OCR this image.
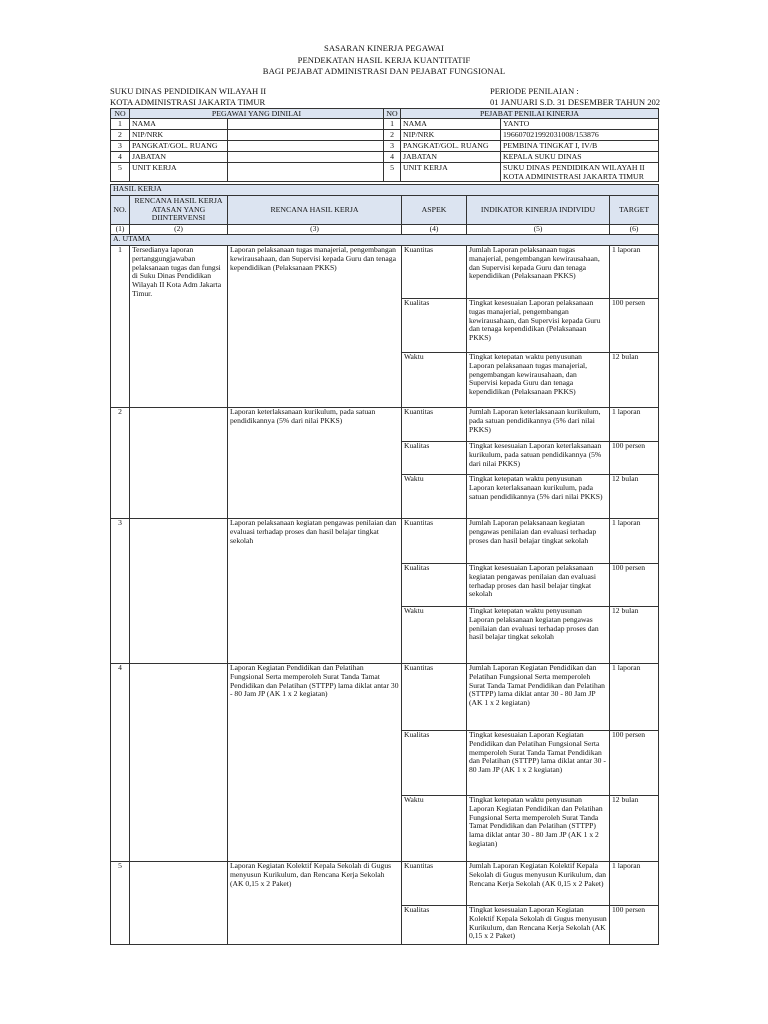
SASARAN KINERJA PEGAWAI
PENDEKATAN HASIL KERJA KUANTITATIF
BAGI PEJABAT ADMINISTRASI DAN PEJABAT FUNGSIONAL
SUKU DINAS PENDIDIKAN WILAYAH II
KOTA ADMINISTRASI JAKARTA TIMUR
PERIODE PENILAIAN :
01 JANUARI S.D. 31 DESEMBER TAHUN 202
NO	PEGAWAI YANG DINILAI		NO	PEJABAT PENILAI KINERJA	
1	NAMA		1	NAMA	YANTO
2	NIP/NRK		2	NIP/NRK	196607021992031008/153876
3	PANGKAT/GOL. RUANG		3	PANGKAT/GOL. RUANG	PEMBINA TINGKAT I, IV/B
4	JABATAN		4	JABATAN	KEPALA SUKU DINAS
5	UNIT KERJA		5	UNIT KERJA	SUKU DINAS PENDIDIKAN WILAYAH II KOTA ADMINISTRASI JAKARTA TIMUR
HASIL KERJA					
NO.	RENCANA HASIL KERJA ATASAN YANG DIINTERVENSI	RENCANA HASIL KERJA	ASPEK	INDIKATOR KINERJA INDIVIDU	TARGET
(1)	(2)	(3)	(4)	(5)	(6)
A. UTAMA					
1	Tersedianya laporan pertanggungjawaban pelaksanaan tugas dan fungsi di Suku Dinas Pendidikan Wilayah II Kota Adm Jakarta Timur.	Laporan pelaksanaan tugas manajerial, pengembangan kewirausahaan, dan Supervisi kepada Guru dan tenaga kependidikan (Pelaksanaan PKKS)	Kuantitas	Jumlah Laporan pelaksanaan tugas manajerial, pengembangan kewirausahaan, dan Supervisi kepada Guru dan tenaga kependidikan (Pelaksanaan PKKS)	1 laporan
			Kualitas	Tingkat kesesuaian Laporan pelaksanaan tugas manajerial, pengembangan kewirausahaan, dan Supervisi kepada Guru dan tenaga kependidikan (Pelaksanaan PKKS)	100 persen
			Waktu	Tingkat ketepatan waktu penyusunan Laporan pelaksanaan tugas manajerial, pengembangan kewirausahaan, dan Supervisi kepada Guru dan tenaga kependidikan (Pelaksanaan PKKS)	12 bulan
2		Laporan keterlaksanaan kurikulum, pada satuan pendidikannya (5% dari nilai PKKS)	Kuantitas	Jumlah Laporan keterlaksanaan kurikulum, pada satuan pendidikannya (5% dari nilai PKKS)	1 laporan
			Kualitas	Tingkat kesesuaian Laporan keterlaksanaan kurikulum, pada satuan pendidikannya (5% dari nilai PKKS)	100 persen
			Waktu	Tingkat ketepatan waktu penyusunan Laporan keterlaksanaan kurikulum, pada satuan pendidikannya (5% dari nilai PKKS)	12 bulan
3		Laporan pelaksanaan kegiatan pengawas penilaian dan evaluasi terhadap proses dan hasil belajar tingkat sekolah	Kuantitas	Jumlah Laporan pelaksanaan kegiatan pengawas penilaian dan evaluasi terhadap proses dan hasil belajar tingkat sekolah	1 laporan
			Kualitas	Tingkat kesesuaian Laporan pelaksanaan kegiatan pengawas penilaian dan evaluasi terhadap proses dan hasil belajar tingkat sekolah	100 persen
			Waktu	Tingkat ketepatan waktu penyusunan Laporan pelaksanaan kegiatan pengawas penilaian dan evaluasi terhadap proses dan hasil belajar tingkat sekolah	12 bulan
4		Laporan Kegiatan Pendidikan dan Pelatihan Fungsional Serta memperoleh Surat Tanda Tamat Pendidikan dan Pelatihan (STTPP) lama diklat antar 30 - 80 Jam JP (AK 1 x 2 kegiatan)	Kuantitas	Jumlah Laporan Kegiatan Pendidikan dan Pelatihan Fungsional Serta memperoleh Surat Tanda Tamat Pendidikan dan Pelatihan (STTPP) lama diklat antar 30 - 80 Jam JP (AK 1 x 2 kegiatan)	1 laporan
			Kualitas	Tingkat kesesuaian Laporan Kegiatan Pendidikan dan Pelatihan Fungsional Serta memperoleh Surat Tanda Tamat Pendidikan dan Pelatihan (STTPP) lama diklat antar 30 - 80 Jam JP (AK 1 x 2 kegiatan)	100 persen
			Waktu	Tingkat ketepatan waktu penyusunan Laporan Kegiatan Pendidikan dan Pelatihan Fungsional Serta memperoleh Surat Tanda Tamat Pendidikan dan Pelatihan (STTPP) lama diklat antar 30 - 80 Jam JP (AK 1 x 2 kegiatan)	12 bulan
5		Laporan Kegiatan Kolektif Kepala Sekolah di Gugus menyusun Kurikulum, dan Rencana Kerja Sekolah (AK 0,15 x 2 Paket)	Kuantitas	Jumlah Laporan Kegiatan Kolektif Kepala Sekolah di Gugus menyusun Kurikulum, dan Rencana Kerja Sekolah (AK 0,15 x 2 Paket)	1 laporan
			Kualitas	Tingkat kesesuaian Laporan Kegiatan Kolektif Kepala Sekolah di Gugus menyusun Kurikulum, dan Rencana Kerja Sekolah (AK 0,15 x 2 Paket)	100 persen
